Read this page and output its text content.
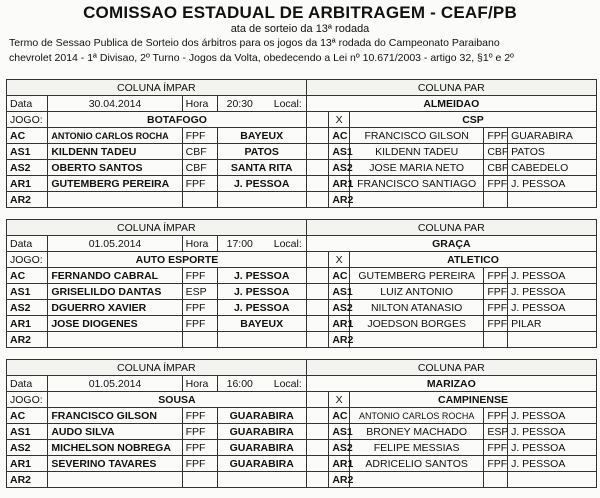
COMISSAO ESTADUAL DE ARBITRAGEM - CEAF/PB
ata de sorteio da 13ª rodada
Termo de Sessao Publica de Sorteio dos árbitros para os jogos da 13ª rodada do Campeonato Paraibano
chevrolet 2014 - 1ª Divisao, 2º Turno - Jogos da Volta, obedecendo a Lei nº 10.671/2003 - artigo 32, §1º e 2º
COLUNA ÍMPAR				COLUNA PAR				
Data	30.04.2014	Hora	20:30 Local:	ALMEIDAO				
JOGO:	BOTAFOGO				X	CSP		
AC	ANTONIO CARLOS ROCHA	FPF	BAYEUX		AC	FRANCISCO GILSON	FPF	GUARABIRA
AS1	KILDENN TADEU	CBF	PATOS		AS1	KILDENN TADEU	CBF	PATOS
AS2	OBERTO SANTOS	CBF	SANTA RITA		AS2	JOSE MARIA NETO	CBF	CABEDELO
AR1	GUTEMBERG PEREIRA	FPF	J. PESSOA		AR1	FRANCISCO SANTIAGO	FPF	J. PESSOA
AR2					AR2			
COLUNA ÍMPAR				COLUNA PAR				
Data	01.05.2014	Hora	17:00 Local:	GRAÇA				
JOGO:	AUTO ESPORTE				X	ATLETICO		
AC	FERNANDO CABRAL	FPF	J. PESSOA		AC	GUTEMBERG PEREIRA	FPF	J. PESSOA
AS1	GRISELILDO DANTAS	ESP	J. PESSOA		AS1	LUIZ ANTONIO	FPF	J. PESSOA
AS2	DGUERRO XAVIER	FPF	J. PESSOA		AS2	NILTON ATANASIO	FPF	J. PESSOA
AR1	JOSE DIOGENES	FPF	BAYEUX		AR1	JOEDSON BORGES	FPF	PILAR
AR2					AR2			
COLUNA ÍMPAR				COLUNA PAR				
Data	01.05.2014	Hora	16:00 Local:	MARIZAO				
JOGO:	SOUSA				X	CAMPINENSE		
AC	FRANCISCO GILSON	FPF	GUARABIRA		AC	ANTONIO CARLOS ROCHA	FPF	J. PESSOA
AS1	AUDO SILVA	FPF	GUARABIRA		AS1	BRONEY MACHADO	ESP	J. PESSOA
AS2	MICHELSON NOBREGA	FPF	GUARABIRA		AS2	FELIPE MESSIAS	FPF	J. PESSOA
AR1	SEVERINO TAVARES	FPF	GUARABIRA		AR1	ADRICELIO SANTOS	FPF	J. PESSOA
AR2					AR2			
